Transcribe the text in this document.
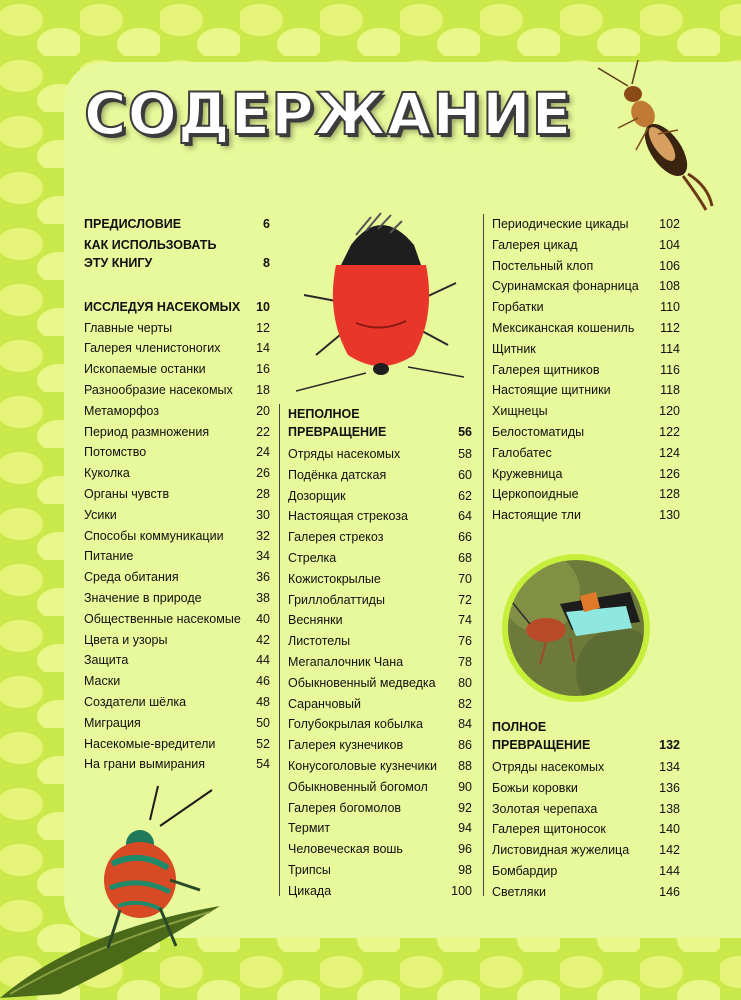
СОДЕРЖАНИЕ
ПРЕДИСЛОВИЕ	6
КАК ИСПОЛЬЗОВАТЬ
ЭТУ КНИГУ	8
ИССЛЕДУЯ НАСЕКОМЫХ	10
Главные черты	12
Галерея членистоногих	14
Ископаемые останки	16
Разнообразие насекомых	18
Метаморфоз	20
Период размножения	22
Потомство	24
Куколка	26
Органы чувств	28
Усики	30
Способы коммуникации	32
Питание	34
Среда обитания	36
Значение в природе	38
Общественные насекомые	40
Цвета и узоры	42
Защита	44
Маски	46
Создатели шёлка	48
Миграция	50
Насекомые-вредители	52
На грани вымирания	54
НЕПОЛНОЕ
ПРЕВРАЩЕНИЕ	56
Отряды насекомых	58
Подёнка датская	60
Дозорщик	62
Настоящая стрекоза	64
Галерея стрекоз	66
Стрелка	68
Кожистокрылые	70
Гриллоблаттиды	72
Веснянки	74
Листотелы	76
Мегапалочник Чана	78
Обыкновенный медведка	80
Саранчовый	82
Голубокрылая кобылка	84
Галерея кузнечиков	86
Конусоголовые кузнечики	88
Обыкновенный богомол	90
Галерея богомолов	92
Термит	94
Человеческая вошь	96
Трипсы	98
Цикада	100
Периодические цикады	102
Галерея цикад	104
Постельный клоп	106
Суринамская фонарница	108
Горбатки	110
Мексиканская кошениль	112
Щитник	114
Галерея щитников	116
Настоящие щитники	118
Хищнецы	120
Белостоматиды	122
Галобатес	124
Кружевница	126
Церкопоидные	128
Настоящие тли	130
ПОЛНОЕ
ПРЕВРАЩЕНИЕ	132
Отряды насекомых	134
Божьи коровки	136
Золотая черепаха	138
Галерея щитоносок	140
Листовидная жужелица	142
Бомбардир	144
Светляки	146
